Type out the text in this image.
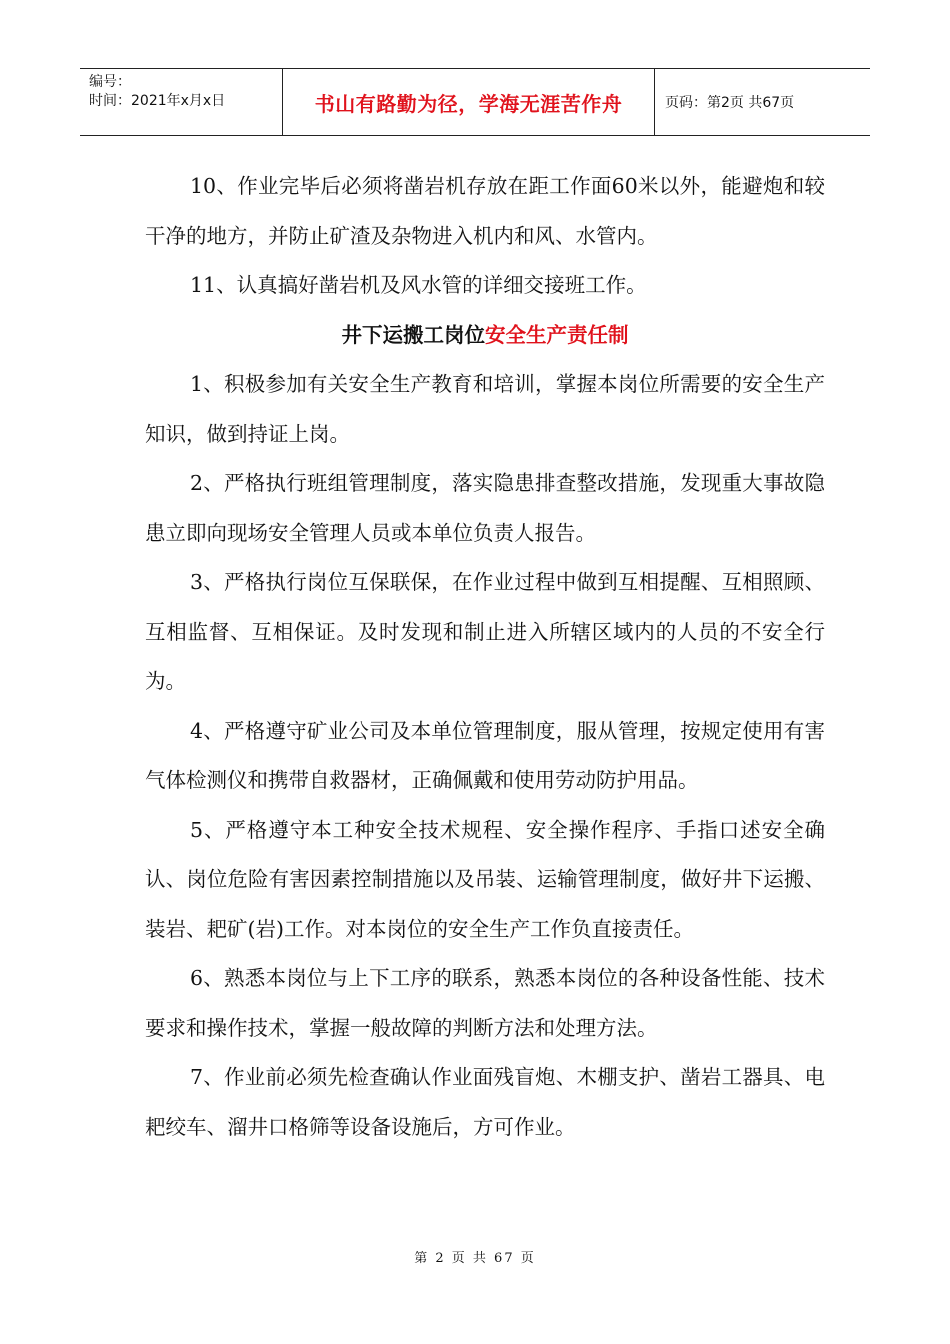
编号：
时间：2021年x月x日	书山有路勤为径，学海无涯苦作舟	页码：第2页 共67页

10、作业完毕后必须将凿岩机存放在距工作面60米以外，能避炮和较干净的地方，并防止矿渣及杂物进入机内和风、水管内。

11、认真搞好凿岩机及风水管的详细交接班工作。

井下运搬工岗位安全生产责任制

1、积极参加有关安全生产教育和培训，掌握本岗位所需要的安全生产知识，做到持证上岗。

2、严格执行班组管理制度，落实隐患排查整改措施，发现重大事故隐患立即向现场安全管理人员或本单位负责人报告。

3、严格执行岗位互保联保，在作业过程中做到互相提醒、互相照顾、互相监督、互相保证。及时发现和制止进入所辖区域内的人员的不安全行为。

4、严格遵守矿业公司及本单位管理制度，服从管理，按规定使用有害气体检测仪和携带自救器材，正确佩戴和使用劳动防护用品。

5、严格遵守本工种安全技术规程、安全操作程序、手指口述安全确认、岗位危险有害因素控制措施以及吊装、运输管理制度，做好井下运搬、装岩、耙矿(岩)工作。对本岗位的安全生产工作负直接责任。

6、熟悉本岗位与上下工序的联系，熟悉本岗位的各种设备性能、技术要求和操作技术，掌握一般故障的判断方法和处理方法。

7、作业前必须先检查确认作业面残盲炮、木棚支护、凿岩工器具、电耙绞车、溜井口格筛等设备设施后，方可作业。

第 2 页 共 67 页
